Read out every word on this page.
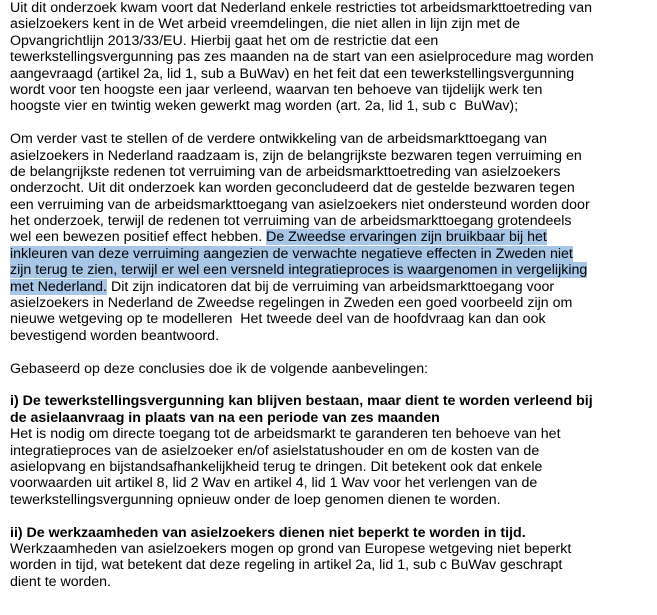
Uit dit onderzoek kwam voort dat Nederland enkele restricties tot arbeidsmarkttoetreding van
asielzoekers kent in de Wet arbeid vreemdelingen, die niet allen in lijn zijn met de
Opvangrichtlijn 2013/33/EU. Hierbij gaat het om de restrictie dat een
tewerkstellingsvergunning pas zes maanden na de start van een asielprocedure mag worden
aangevraagd (artikel 2a, lid 1, sub a BuWav) en het feit dat een tewerkstellingsvergunning
wordt voor ten hoogste een jaar verleend, waarvan ten behoeve van tijdelijk werk ten
hoogste vier en twintig weken gewerkt mag worden (art. 2a, lid 1, sub c  BuWav);
Om verder vast te stellen of de verdere ontwikkeling van de arbeidsmarkttoegang van
asielzoekers in Nederland raadzaam is, zijn de belangrijkste bezwaren tegen verruiming en
de belangrijkste redenen tot verruiming van de arbeidsmarkttoetreding van asielzoekers
onderzocht. Uit dit onderzoek kan worden geconcludeerd dat de gestelde bezwaren tegen
een verruiming van de arbeidsmarkttoegang van asielzoekers niet ondersteund worden door
het onderzoek, terwijl de redenen tot verruiming van de arbeidsmarkttoegang grotendeels
wel een bewezen positief effect hebben. De Zweedse ervaringen zijn bruikbaar bij het
inkleuren van deze verruiming aangezien de verwachte negatieve effecten in Zweden niet
zijn terug te zien, terwijl er wel een versneld integratieproces is waargenomen in vergelijking
met Nederland. Dit zijn indicatoren dat bij de verruiming van arbeidsmarkttoegang voor
asielzoekers in Nederland de Zweedse regelingen in Zweden een goed voorbeeld zijn om
nieuwe wetgeving op te modelleren  Het tweede deel van de hoofdvraag kan dan ook
bevestigend worden beantwoord.
Gebaseerd op deze conclusies doe ik de volgende aanbevelingen:
i) De tewerkstellingsvergunning kan blijven bestaan, maar dient te worden verleend bij
de asielaanvraag in plaats van na een periode van zes maanden
Het is nodig om directe toegang tot de arbeidsmarkt te garanderen ten behoeve van het
integratieproces van de asielzoeker en/of asielstatushouder en om de kosten van de
asielopvang en bijstandsafhankelijkheid terug te dringen. Dit betekent ook dat enkele
voorwaarden uit artikel 8, lid 2 Wav en artikel 4, lid 1 Wav voor het verlengen van de
tewerkstellingsvergunning opnieuw onder de loep genomen dienen te worden.
ii) De werkzaamheden van asielzoekers dienen niet beperkt te worden in tijd.
Werkzaamheden van asielzoekers mogen op grond van Europese wetgeving niet beperkt
worden in tijd, wat betekent dat deze regeling in artikel 2a, lid 1, sub c BuWav geschrapt
dient te worden.
